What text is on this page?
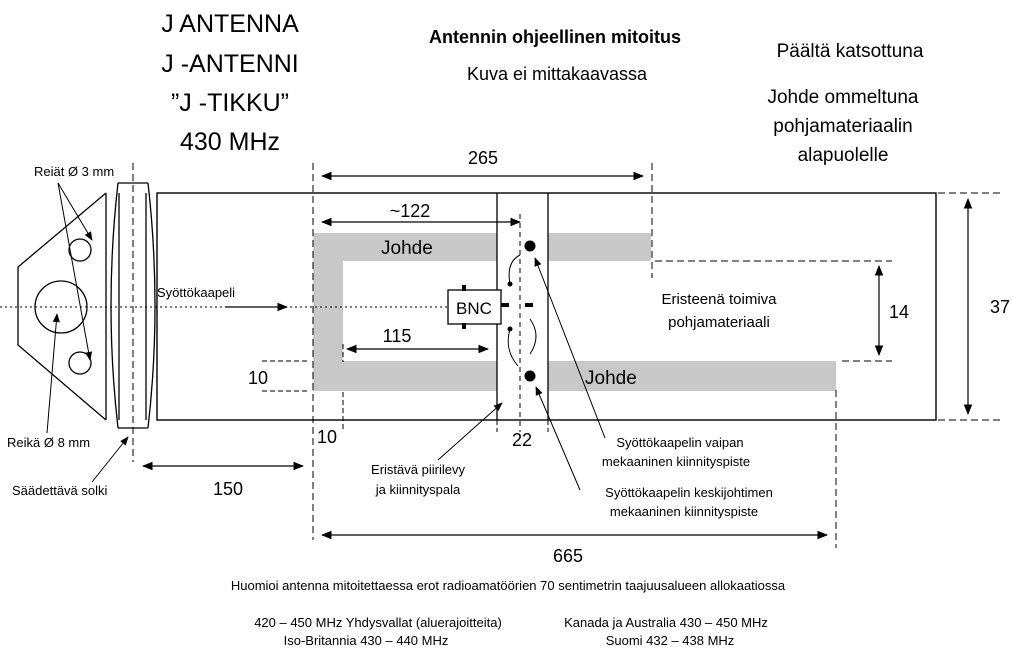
J ANTENNA
J -ANTENNI
”J -TIKKU”
430 MHz
Antennin ohjeellinen mitoitus
Kuva ei mittakaavassa
Päältä katsottuna
Johde ommeltuna
pohjamateriaalin
alapuolelle
Johde
Johde
Syöttökaapeli
BNC
265
~122
115
10
10	22
14	37
150
665
Eristeenä toimiva
pohjamateriaali
Reiät Ø 3 mm
Reikä Ø 8 mm
Säädettävä solki
Eristävä piirilevy
ja kiinnityspala
Syöttökaapelin vaipan
mekaaninen kiinnityspiste
Syöttökaapelin keskijohtimen
mekaaninen kiinnityspiste
Huomioi antenna mitoitettaessa erot radioamatöörien 70 sentimetrin taajuusalueen allokaatiossa
420 – 450 MHz Yhdysvallat (aluerajoitteita)
Iso-Britannia 430 – 440 MHz
Kanada ja Australia 430 – 450 MHz
Suomi 432 – 438 MHz
